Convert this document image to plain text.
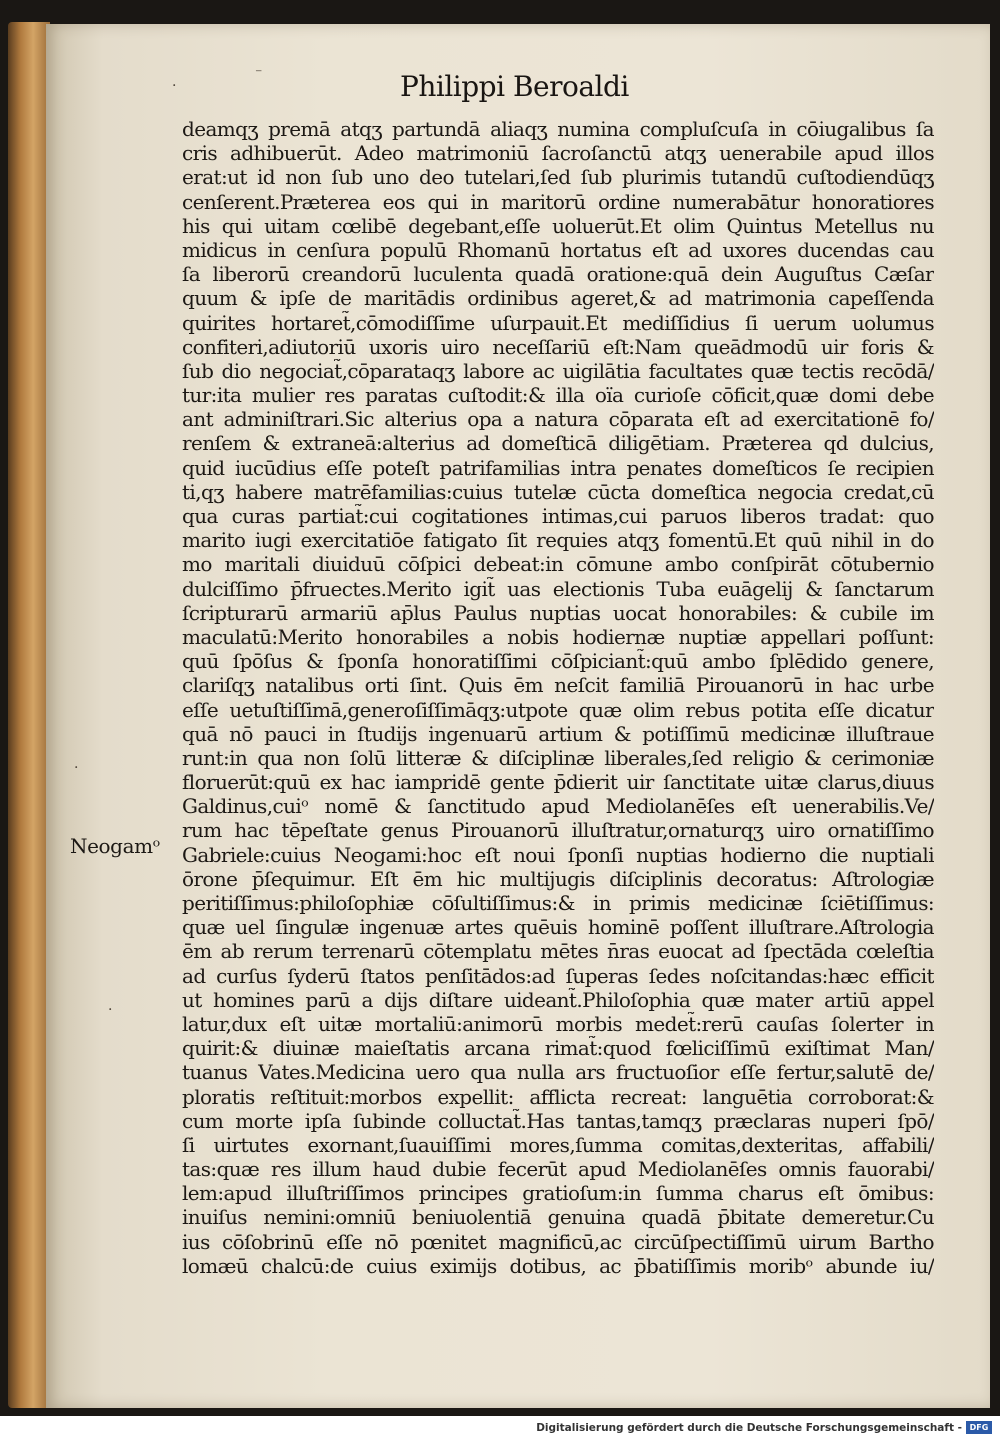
·
⁻
·
·
Philippi Beroaldi
Neogamᵒ
deamqʒ premā atqʒ partundā aliaqʒ numina compluſcuſa in cōiugalibus ſa
cris adhibuerūt. Adeo matrimoniū ſacroſanctū atqʒ uenerabile apud illos
erat:ut id non ſub uno deo tutelari,ſed ſub plurimis tutandū cuſtodiendūqʒ
cenſerent.Præterea eos qui in maritorū ordine numerabātur honoratiores
his qui uitam cœlibē degebant,eſſe uoluerūt.Et olim Quintus Metellus nu
midicus in cenſura populū Rhomanū hortatus eſt ad uxores ducendas cau
ſa liberorū creandorū luculenta quadā oratione:quā dein Auguſtus Cæſar
quum & ipſe de maritādis ordinibus ageret,& ad matrimonia capeſſenda
quirites hortaret̃,cōmodiſſime uſurpauit.Et mediſſidius ſi uerum uolumus
confiteri,adiutoriū uxoris uiro neceſſariū eſt:Nam queādmodū uir foris &
ſub dio negociat̃,cōparataqʒ labore ac uigilātia facultates quæ tectis recōdā/
tur:ita mulier res paratas cuſtodit:& illa oïa curioſe cōficit,quæ domi debe
ant adminiſtrari.Sic alterius opa a natura cōparata eſt ad exercitationē fo/
renſem & extraneā:alterius ad domeſticā diligētiam. Præterea qd dulcius,
quid iucūdius eſſe poteſt patrifamilias intra penates domeſticos ſe recipien
ti,qʒ habere matrēfamilias:cuius tutelæ cūcta domeſtica negocia credat,cū
qua curas partiat̃:cui cogitationes intimas,cui paruos liberos tradat: quo
marito iugi exercitatiōe fatigato ſit requies atqʒ fomentū.Et quū nihil in do
mo maritali diuiduū cōſpici debeat:in cōmune ambo conſpirāt cōtubernio
dulciſſimo p̄fruectes.Merito igit̃ uas electionis Tuba euāgelij & ſanctarum
ſcripturarū armariū ap̄lus Paulus nuptias uocat honorabiles: & cubile im
maculatū:Merito honorabiles a nobis hodiernæ nuptiæ appellari poſſunt:
quū ſpōſus & ſponſa honoratiſſimi cōſpiciant̃:quū ambo ſplēdido genere,
clariſqʒ natalibus orti ſint. Quis ēm neſcit familiā Pirouanorū in hac urbe
eſſe uetuſtiſſimā,generoſiſſimāqʒ:utpote quæ olim rebus potita eſſe dicatur
quā nō pauci in ſtudijs ingenuarū artium & potiſſimū medicinæ illuſtraue
runt:in qua non ſolū litteræ & diſciplinæ liberales,ſed religio & cerimoniæ
floruerūt:quū ex hac iampridē gente p̄dierit uir ſanctitate uitæ clarus,diuus
Galdinus,cuiᵒ nomē & ſanctitudo apud Mediolanēſes eſt uenerabilis.Ve/
rum hac tēpeſtate genus Pirouanorū illuſtratur,ornaturqʒ uiro ornatiſſimo
Gabriele:cuius Neogami:hoc eſt noui ſponſi nuptias hodierno die nuptiali
ōrone p̄ſequimur. Eſt ēm hic multijugis diſciplinis decoratus: Aſtrologiæ
peritiſſimus:philoſophiæ cōſultiſſimus:& in primis medicinæ ſciētiſſimus:
quæ uel ſingulæ ingenuæ artes quēuis hominē poſſent illuſtrare.Aſtrologia
ēm ab rerum terrenarū cōtemplatu mētes n̄ras euocat ad ſpectāda cœleſtia
ad curſus ſyderū ſtatos penſitādos:ad ſuperas ſedes noſcitandas:hæc efficit
ut homines parū a dijs diſtare uideant̃.Philoſophia quæ mater artiū appel
latur,dux eſt uitæ mortaliū:animorū morbis medet̃:rerū cauſas ſolerter in
quirit:& diuinæ maieſtatis arcana rimat̃:quod fœliciſſimū exiſtimat Man/
tuanus Vates.Medicina uero qua nulla ars fructuoſior eſſe fertur,salutē de/
ploratis reſtituit:morbos expellit: afflicta recreat: languētia corroborat:&
cum morte ipſa ſubinde colluctat̃.Has tantas,tamqʒ præclaras nuperi ſpō/
ſi uirtutes exornant,ſuauiſſimi mores,ſumma comitas,dexteritas, affabili/
tas:quæ res illum haud dubie fecerūt apud Mediolanēſes omnis fauorabi/
lem:apud illuſtriſſimos principes gratioſum:in ſumma charus eſt ōmibus:
inuiſus nemini:omniū beniuolentiā genuina quadā p̄bitate demeretur.Cu
ius cōſobrinū eſſe nō pœnitet magnificū,ac circūſpectiſſimū uirum Bartho
lomæū chalcū:de cuius eximijs dotibus, ac p̄batiſſimis moribᵒ abunde iu/
Digitalisierung gefördert durch die Deutsche Forschungsgemeinschaft - DFG
